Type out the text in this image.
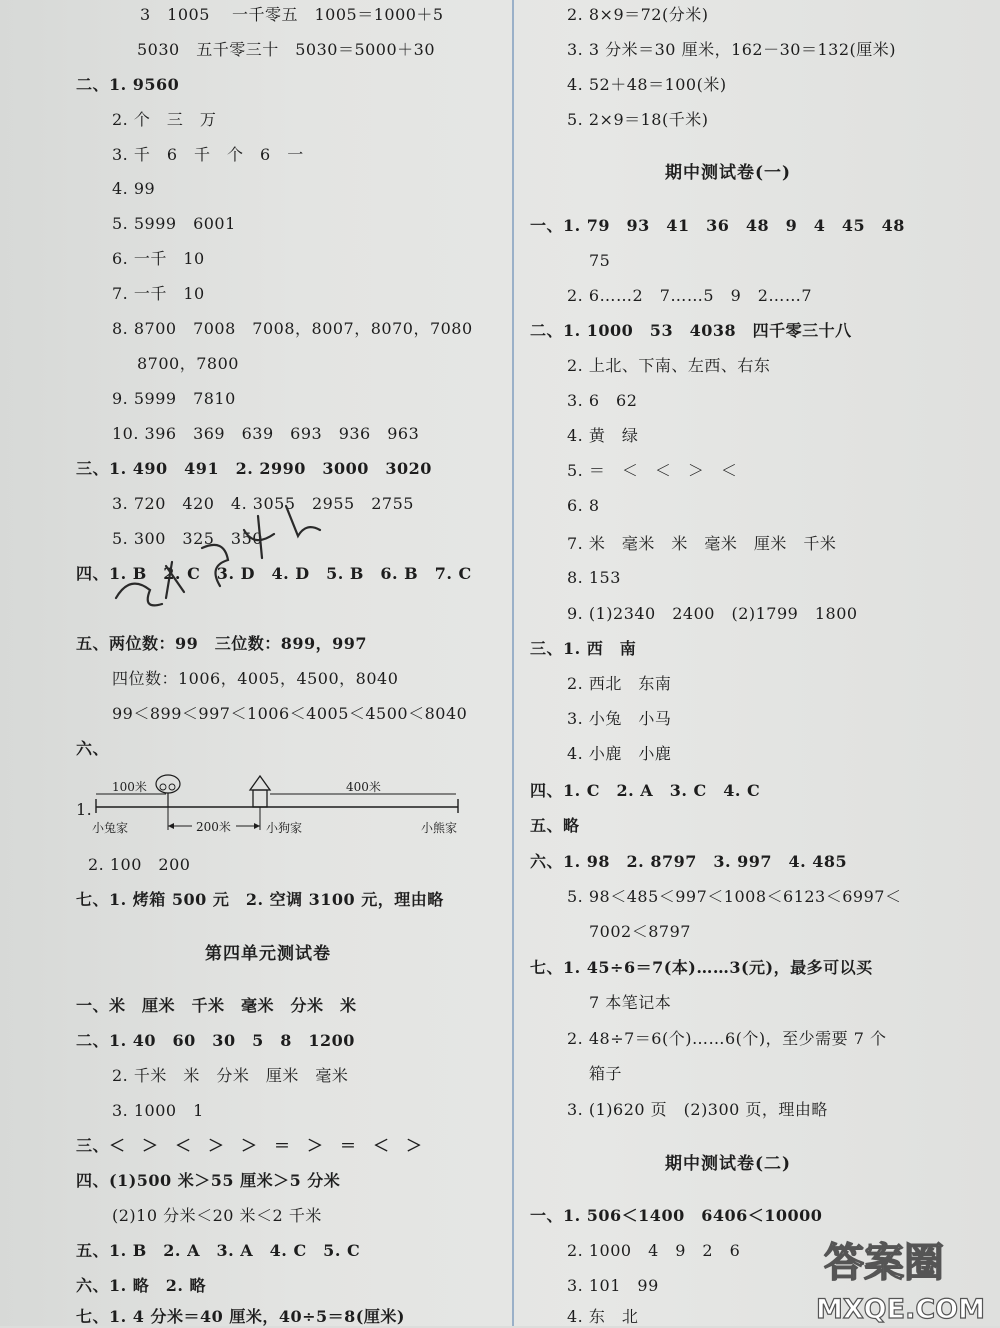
3　1005　 一千零五　1005＝1000＋5
5030　五千零三十　5030＝5000＋30
二、1. 9560
2. 个　三　万
3. 千　6　千　个　6　一
4. 99
5. 5999　6001
6. 一千　10
7. 一千　10
8. 8700　7008　7008，8007，8070，7080
8700，7800
9. 5999　7810
10. 396　369　639　693　936　963
三、1. 490　491　2. 2990　3000　3020
3. 720　420　4. 3055　2955　2755
5. 300　325　350
四、1. B　2. C　3. D　4. D　5. B　6. B　7. C
五、两位数：99　三位数：899，997
四位数：1006，4005，4500，8040
99＜899＜997＜1006＜4005＜4500＜8040
六、
1.
100米	400米
200米
小兔家	小狗家	小熊家
2. 100　200
七、1. 烤箱 500 元　2. 空调 3100 元，理由略
第四单元测试卷
一、米　厘米　千米　毫米　分米　米
二、1. 40　60　30　5　8　1200
2. 千米　米　分米　厘米　毫米
3. 1000　1
三、＜　＞　＜　＞　＞　＝　＞　＝　＜　＞
四、(1)500 米＞55 厘米＞5 分米
(2)10 分米＜20 米＜2 千米
五、1. B　2. A　3. A　4. C　5. C
六、1. 略　2. 略
七、1. 4 分米＝40 厘米，40÷5＝8(厘米)
2. 8×9＝72(分米)
3. 3 分米＝30 厘米，162－30＝132(厘米)
4. 52＋48＝100(米)
5. 2×9＝18(千米)
期中测试卷(一)
一、1. 79　93　41　36　48　9　4　45　48
75
2. 6……2　7……5　9　2……7
二、1. 1000　53　4038　四千零三十八
2. 上北、下南、左西、右东
3. 6　62
4. 黄　绿
5. ＝　＜　＜　＞　＜
6. 8
7. 米　毫米　米　毫米　厘米　千米
8. 153
9. (1)2340　2400　(2)1799　1800
三、1. 西　南
2. 西北　东南
3. 小兔　小马
4. 小鹿　小鹿
四、1. C　2. A　3. C　4. C
五、略
六、1. 98　2. 8797　3. 997　4. 485
5. 98＜485＜997＜1008＜6123＜6997＜
7002＜8797
七、1. 45÷6＝7(本)……3(元)，最多可以买
7 本笔记本
2. 48÷7＝6(个)……6(个)，至少需要 7 个
箱子
3. (1)620 页　(2)300 页，理由略
期中测试卷(二)
一、1. 506＜1400　6406＜10000
2. 1000　4　9　2　6
3. 101　99
4. 东　北
答案圈
MXQE.COM
